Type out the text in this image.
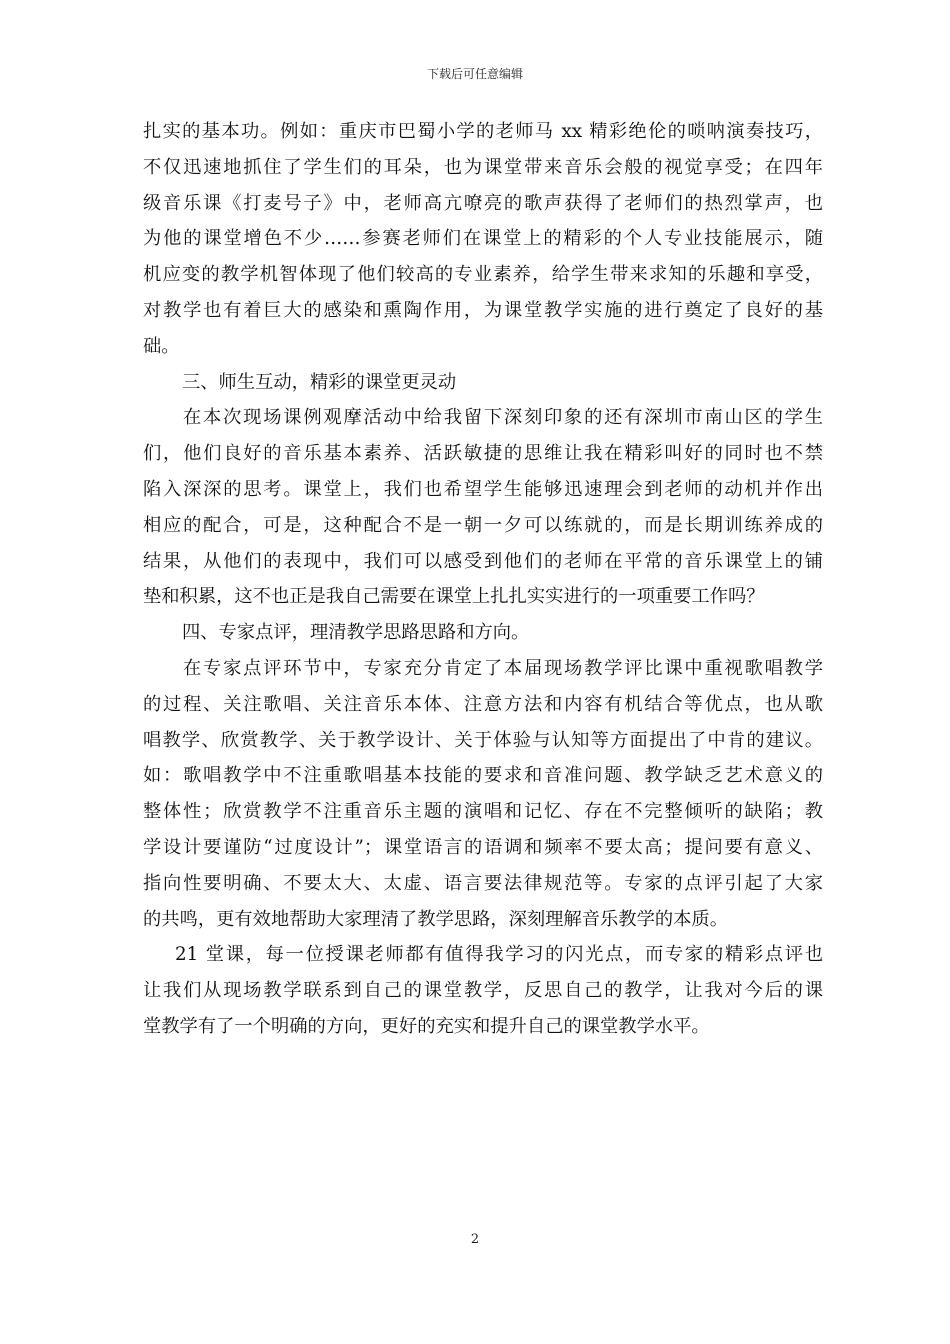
下载后可任意编辑
扎实的基本功。例如：重庆市巴蜀小学的老师马 xx 精彩绝伦的唢呐演奏技巧，
不仅迅速地抓住了学生们的耳朵，也为课堂带来音乐会般的视觉享受；在四年
级音乐课《打麦号子》中，老师高亢嘹亮的歌声获得了老师们的热烈掌声，也
为他的课堂增色不少……参赛老师们在课堂上的精彩的个人专业技能展示，随
机应变的教学机智体现了他们较高的专业素养，给学生带来求知的乐趣和享受，
对教学也有着巨大的感染和熏陶作用，为课堂教学实施的进行奠定了良好的基
础。
三、师生互动，精彩的课堂更灵动
在本次现场课例观摩活动中给我留下深刻印象的还有深圳市南山区的学生
们，他们良好的音乐基本素养、活跃敏捷的思维让我在精彩叫好的同时也不禁
陷入深深的思考。课堂上，我们也希望学生能够迅速理会到老师的动机并作出
相应的配合，可是，这种配合不是一朝一夕可以练就的，而是长期训练养成的
结果，从他们的表现中，我们可以感受到他们的老师在平常的音乐课堂上的铺
垫和积累，这不也正是我自己需要在课堂上扎扎实实进行的一项重要工作吗？
四、专家点评，理清教学思路思路和方向。
在专家点评环节中，专家充分肯定了本届现场教学评比课中重视歌唱教学
的过程、关注歌唱、关注音乐本体、注意方法和内容有机结合等优点，也从歌
唱教学、欣赏教学、关于教学设计、关于体验与认知等方面提出了中肯的建议。
如：歌唱教学中不注重歌唱基本技能的要求和音准问题、教学缺乏艺术意义的
整体性；欣赏教学不注重音乐主题的演唱和记忆、存在不完整倾听的缺陷；教
学设计要谨防“过度设计”；课堂语言的语调和频率不要太高；提问要有意义、
指向性要明确、不要太大、太虚、语言要法律规范等。专家的点评引起了大家
的共鸣，更有效地帮助大家理清了教学思路，深刻理解音乐教学的本质。
21 堂课，每一位授课老师都有值得我学习的闪光点，而专家的精彩点评也
让我们从现场教学联系到自己的课堂教学，反思自己的教学，让我对今后的课
堂教学有了一个明确的方向，更好的充实和提升自己的课堂教学水平。
2
